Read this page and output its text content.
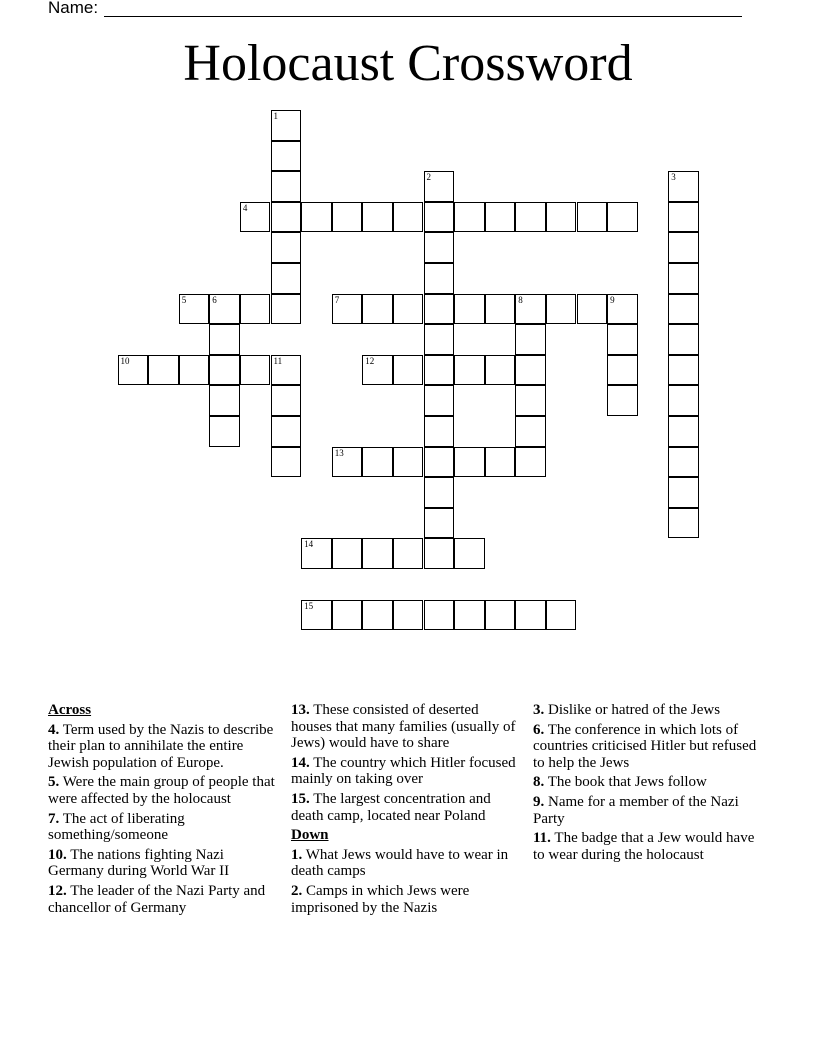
Name:
Holocaust Crossword
4
5	6	7	8	9
10	11	12
13
14
15
1
2	3
Across
4. Term used by the Nazis to describe their plan to annihilate the entire Jewish population of Europe.
5. Were the main group of people that were affected by the holocaust
7. The act of liberating something/someone
10. The nations fighting Nazi Germany during World War II
12. The leader of the Nazi Party and chancellor of Germany
13. These consisted of deserted houses that many families (usually of Jews) would have to share
14. The country which Hitler focused mainly on taking over
15. The largest concentration and death camp, located near Poland
Down
1. What Jews would have to wear in death camps
2. Camps in which Jews were imprisoned by the Nazis
3. Dislike or hatred of the Jews
6. The conference in which lots of countries criticised Hitler but refused to help the Jews
8. The book that Jews follow
9. Name for a member of the Nazi Party
11. The badge that a Jew would have to wear during the holocaust
